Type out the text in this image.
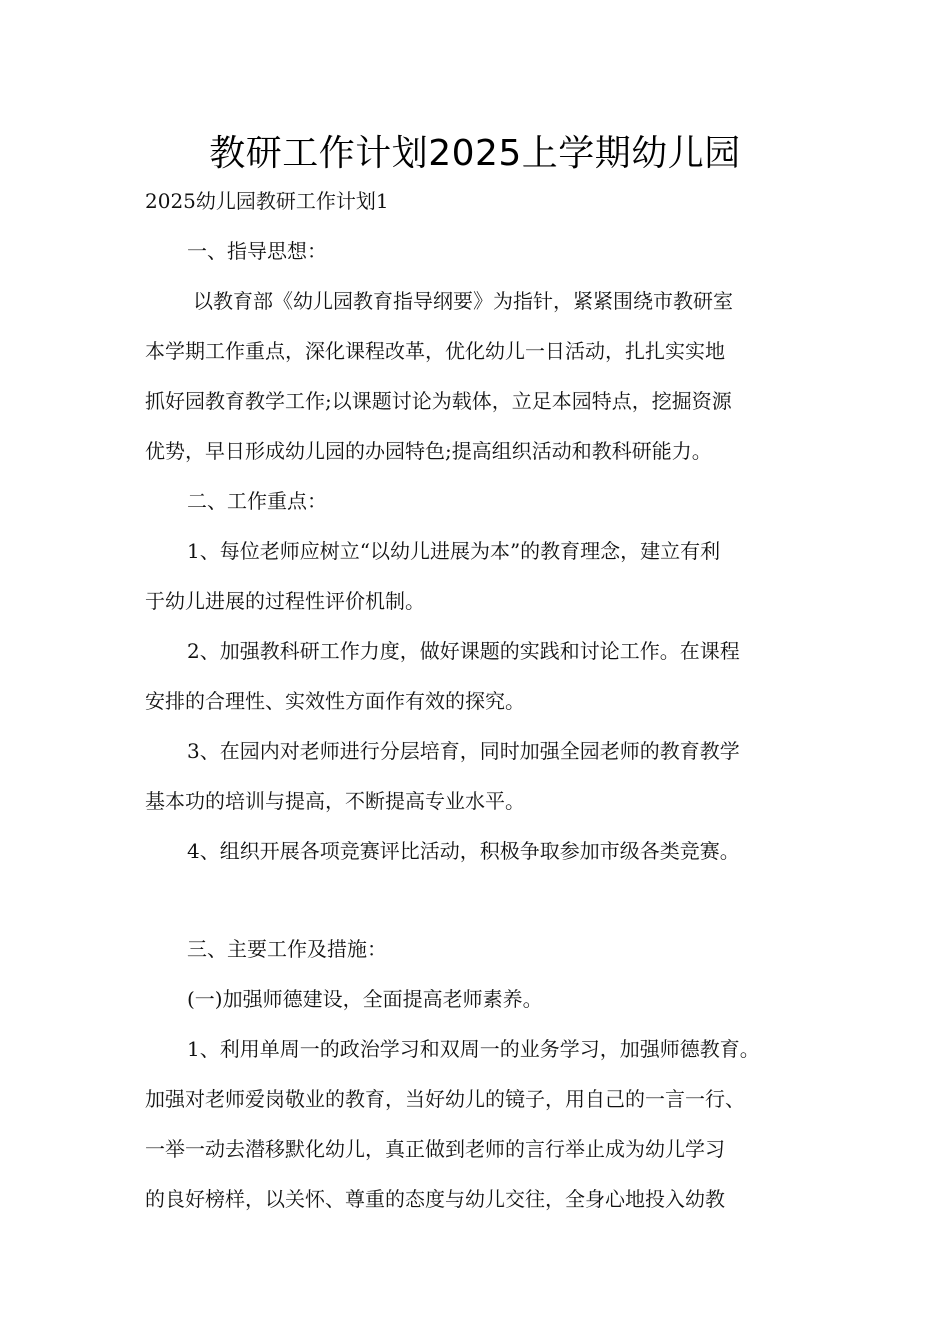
教研工作计划2025上学期幼儿园
2025幼儿园教研工作计划1
一、指导思想：
以教育部《幼儿园教育指导纲要》为指针，紧紧围绕市教研室
本学期工作重点，深化课程改革，优化幼儿一日活动，扎扎实实地
抓好园教育教学工作;以课题讨论为载体，立足本园特点，挖掘资源
优势，早日形成幼儿园的办园特色;提高组织活动和教科研能力。
二、工作重点：
1、每位老师应树立“以幼儿进展为本”的教育理念，建立有利
于幼儿进展的过程性评价机制。
2、加强教科研工作力度，做好课题的实践和讨论工作。在课程
安排的合理性、实效性方面作有效的探究。
3、在园内对老师进行分层培育，同时加强全园老师的教育教学
基本功的培训与提高，不断提高专业水平。
4、组织开展各项竞赛评比活动，积极争取参加市级各类竞赛。
三、主要工作及措施：
(一)加强师德建设，全面提高老师素养。
1、利用单周一的政治学习和双周一的业务学习，加强师德教育。
加强对老师爱岗敬业的教育，当好幼儿的镜子，用自己的一言一行、
一举一动去潜移默化幼儿，真正做到老师的言行举止成为幼儿学习
的良好榜样，以关怀、尊重的态度与幼儿交往，全身心地投入幼教
